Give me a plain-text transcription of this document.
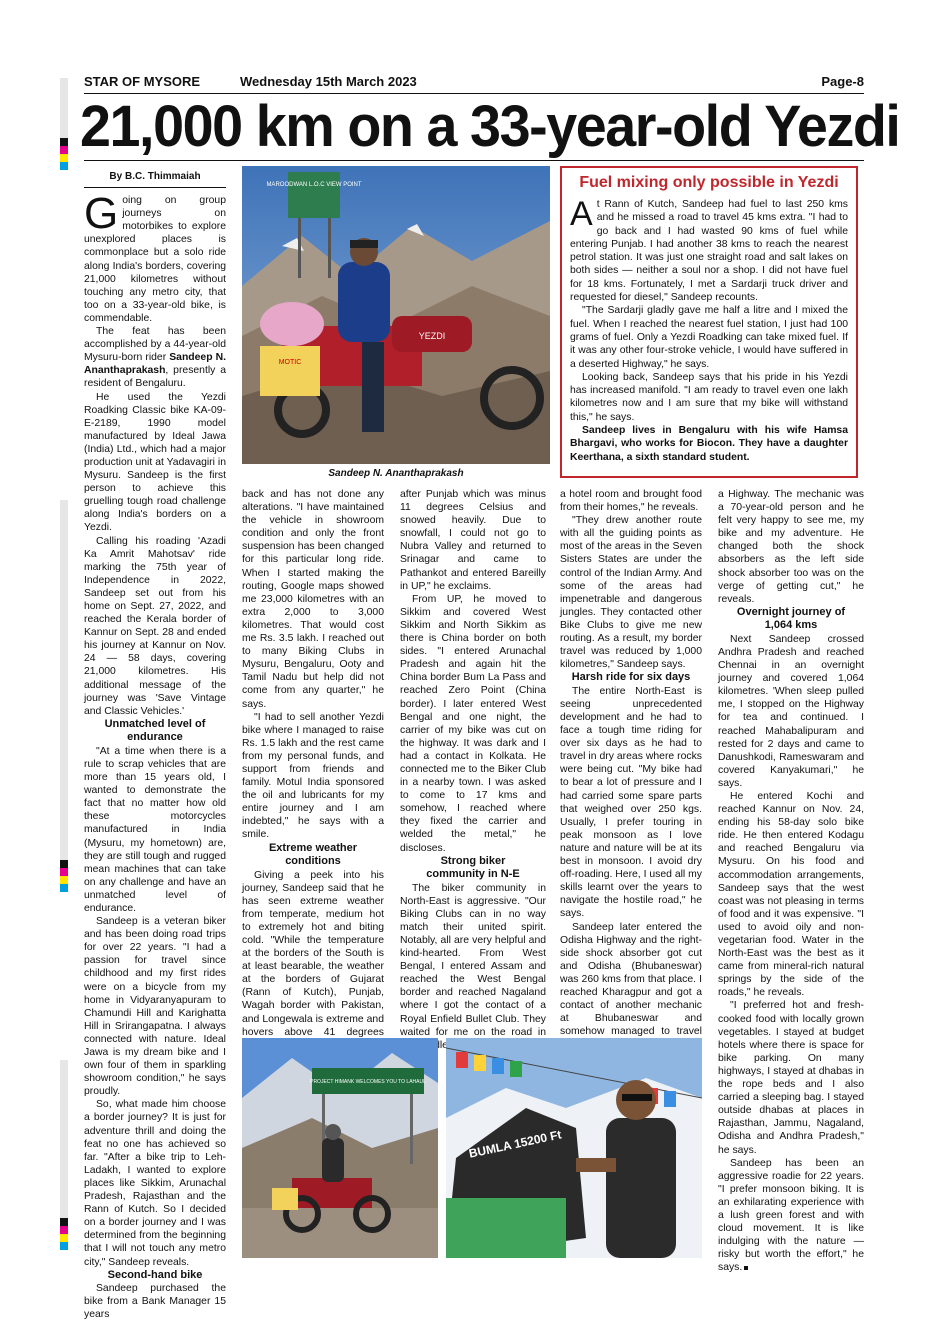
STAR OF MYSORE	Wednesday 15th March 2023	Page-8
21,000 km on a 33-year-old Yezdi
By B.C. Thimmaiah

Going on group journeys on motorbikes to explore unexplored places is commonplace but a solo ride along India's borders, covering 21,000 kilometres without touching any metro city, that too on a 33-year-old bike, is commendable.

The feat has been accomplished by a 44-year-old Mysuru-born rider Sandeep N. Ananthaprakash, presently a resident of Bengaluru.

He used the Yezdi Roadking Classic bike KA-09-E-2189, 1990 model manufactured by Ideal Jawa (India) Ltd., which had a major production unit at Yadavagiri in Mysuru. Sandeep is the first person to achieve this gruelling tough road challenge along India's borders on a Yezdi.

Calling his roading 'Azadi Ka Amrit Mahotsav' ride marking the 75th year of Independence in 2022, Sandeep set out from his home on Sept. 27, 2022, and reached the Kerala border of Kannur on Sept. 28 and ended his journey at Kannur on Nov. 24 — 58 days, covering 21,000 kilometres. His additional message of the journey was 'Save Vintage and Classic Vehicles.'

Unmatched level of endurance

"At a time when there is a rule to scrap vehicles that are more than 15 years old, I wanted to demonstrate the fact that no matter how old these motorcycles manufactured in India (Mysuru, my hometown) are, they are still tough and rugged mean machines that can take on any challenge and have an unmatched level of endurance.

Sandeep is a veteran biker and has been doing road trips for over 22 years. "I had a passion for travel since childhood and my first rides were on a bicycle from my home in Vidyaranyapuram to Chamundi Hill and Karighatta Hill in Srirangapatna. I always connected with nature. Ideal Jawa is my dream bike and I own four of them in sparkling showroom condition," he says proudly.

So, what made him choose a border journey? It is just for adventure thrill and doing the feat no one has achieved so far. "After a bike trip to Leh-Ladakh, I wanted to explore places like Sikkim, Arunachal Pradesh, Rajasthan and the Rann of Kutch. So I decided on a border journey and I was determined from the beginning that I will not touch any metro city," Sandeep reveals.

Second-hand bike

Sandeep purchased the bike from a Bank Manager 15 years

MAROODWAN L.O.C VIEW POINT
YEZDI
MOTIC
Sandeep N. Ananthaprakash
Fuel mixing only possible in Yezdi

At Rann of Kutch, Sandeep had fuel to last 250 kms and he missed a road to travel 45 kms extra. "I had to go back and I had wasted 90 kms of fuel while entering Punjab. I had another 38 kms to reach the nearest petrol station. It was just one straight road and salt lakes on both sides — neither a soul nor a shop. I did not have fuel for 18 kms. Fortunately, I met a Sardarji truck driver and requested for diesel," Sandeep recounts.

"The Sardarji gladly gave me half a litre and I mixed the fuel. When I reached the nearest fuel station, I just had 100 grams of fuel. Only a Yezdi Roadking can take mixed fuel. If it was any other four-stroke vehicle, I would have suffered in a deserted Highway," he says.

Looking back, Sandeep says that his pride in his Yezdi has increased manifold. "I am ready to travel even one lakh kilometres now and I am sure that my bike will withstand this," he says.

Sandeep lives in Bengaluru with his wife Hamsa Bhargavi, who works for Biocon. They have a daughter Keerthana, a sixth standard student.

back and has not done any alterations. "I have maintained the vehicle in showroom condition and only the front suspension has been changed for this particular long ride. When I started making the routing, Google maps showed me 23,000 kilometres with an extra 2,000 to 3,000 kilometres. That would cost me Rs. 3.5 lakh. I reached out to many Biking Clubs in Mysuru, Bengaluru, Ooty and Tamil Nadu but help did not come from any quarter," he says.

"I had to sell another Yezdi bike where I managed to raise Rs. 1.5 lakh and the rest came from my personal funds, and support from friends and family. Motul India sponsored the oil and lubricants for my entire journey and I am indebted," he says with a smile.

Extreme weather conditions

Giving a peek into his journey, Sandeep said that he has seen extreme weather from temperate, medium hot to extremely hot and biting cold. "While the temperature at the borders of the South is at least bearable, the weather at the borders of Gujarat (Rann of Kutch), Punjab, Wagah border with Pakistan, and Longewala is extreme and hovers above 41 degrees

after Punjab which was minus 11 degrees Celsius and snowed heavily. Due to snowfall, I could not go to Nubra Valley and returned to Srinagar and came to Pathankot and entered Bareilly in UP," he exclaims.

From UP, he moved to Sikkim and covered West Sikkim and North Sikkim as there is China border on both sides. "I entered Arunachal Pradesh and again hit the China border Bum La Pass and reached Zero Point (China border). I later entered West Bengal and one night, the carrier of my bike was cut on the highway. It was dark and I had a contact in Kolkata. He connected me to the Biker Club in a nearby town. I was asked to come to 17 kms and somehow, I reached where they fixed the carrier and welded the metal," he discloses.

Strong biker community in N-E

The biker community in North-East is aggressive. "Our Biking Clubs can in no way match their united spirit. Notably, all are very helpful and kind-hearted. From West Bengal, I entered Assam and reached the West Bengal border and reached Nagaland where I got the contact of a Royal Enfield Bullet Club. They waited for me on the road in

a hotel room and brought food from their homes," he reveals.

"They drew another route with all the guiding points as most of the areas in the Seven Sisters States are under the control of the Indian Army. And some of the areas had impenetrable and dangerous jungles. They contacted other Bike Clubs to give me new routing. As a result, my border travel was reduced by 1,000 kilometres," Sandeep says.

Harsh ride for six days

The entire North-East is seeing unprecedented development and he had to face a tough time riding for over six days as he had to travel in dry areas where rocks were being cut. "My bike had to bear a lot of pressure and I had carried some spare parts that weighed over 250 kgs. Usually, I prefer touring in peak monsoon as I love nature and nature will be at its best in monsoon. I avoid dry off-roading. Here, I used all my skills learnt over the years to navigate the hostile road," he says.

Sandeep later entered the Odisha Highway and the right-side shock absorber got cut and Odisha (Bhubaneswar) was 260 kms from that place. I reached Kharagpur and got a contact of another mechanic at Bhubaneswar and somehow managed to travel

a Highway. The mechanic was a 70-year-old person and he felt very happy to see me, my bike and my adventure. He changed both the shock absorbers as the left side shock absorber too was on the verge of getting cut," he reveals.

Overnight journey of 1,064 kms

Next Sandeep crossed Andhra Pradesh and reached Chennai in an overnight journey and covered 1,064 kilometres. 'When sleep pulled me, I stopped on the Highway for tea and continued. I reached Mahabalipuram and rested for 2 days and came to Danushkodi, Rameswaram and covered Kanyakumari," he says.

He entered Kochi and reached Kannur on Nov. 24, ending his 58-day solo bike ride. He then entered Kodagu and reached Bengaluru via Mysuru. On his food and accommodation arrangements, Sandeep says that the west coast was not pleasing in terms of food and it was expensive. "I used to avoid oily and non-vegetarian food. Water in the North-East was the best as it came from mineral-rich natural springs by the side of the roads," he reveals.

"I preferred hot and fresh-cooked food with locally grown vegetables. I stayed at budget hotels where there is space for bike parking. On many highways, I stayed at dhabas in the rope beds and I also carried a sleeping bag. I stayed outside dhabas at places in Rajasthan, Jammu, Nagaland, Odisha and Andhra Pradesh," he says.

Sandeep has been an aggressive roadie for 22 years. "I prefer monsoon biking. It is an exhilarating experience with a lush green forest and with cloud movement. It is like indulging with the nature — risky but worth the effort," he says.

PROJECT HIMANK WELCOMES YOU TO LAHAUL
BUMLA 15200 Ft
